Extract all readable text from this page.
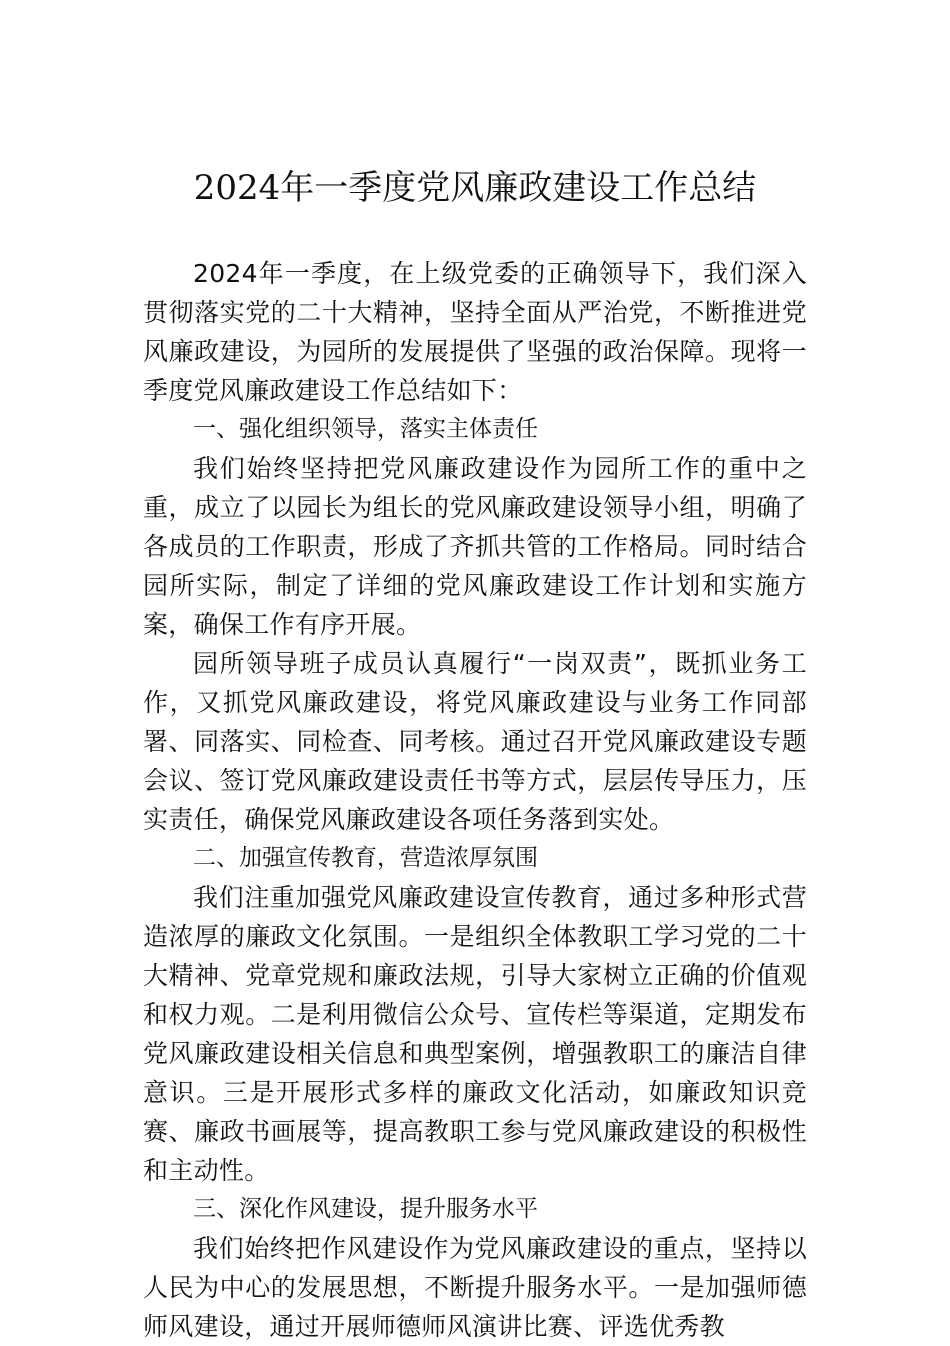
2024年一季度党风廉政建设工作总结

2024年一季度，在上级党委的正确领导下，我们深入贯彻落实党的二十大精神，坚持全面从严治党，不断推进党风廉政建设，为园所的发展提供了坚强的政治保障。现将一季度党风廉政建设工作总结如下：

一、强化组织领导，落实主体责任

我们始终坚持把党风廉政建设作为园所工作的重中之重，成立了以园长为组长的党风廉政建设领导小组，明确了各成员的工作职责，形成了齐抓共管的工作格局。同时结合园所实际，制定了详细的党风廉政建设工作计划和实施方案，确保工作有序开展。

园所领导班子成员认真履行“一岗双责”，既抓业务工作，又抓党风廉政建设，将党风廉政建设与业务工作同部署、同落实、同检查、同考核。通过召开党风廉政建设专题会议、签订党风廉政建设责任书等方式，层层传导压力，压实责任，确保党风廉政建设各项任务落到实处。

二、加强宣传教育，营造浓厚氛围

我们注重加强党风廉政建设宣传教育，通过多种形式营造浓厚的廉政文化氛围。一是组织全体教职工学习党的二十大精神、党章党规和廉政法规，引导大家树立正确的价值观和权力观。二是利用微信公众号、宣传栏等渠道，定期发布党风廉政建设相关信息和典型案例，增强教职工的廉洁自律意识。三是开展形式多样的廉政文化活动，如廉政知识竞赛、廉政书画展等，提高教职工参与党风廉政建设的积极性和主动性。

三、深化作风建设，提升服务水平

我们始终把作风建设作为党风廉政建设的重点，坚持以人民为中心的发展思想，不断提升服务水平。一是加强师德师风建设，通过开展师德师风演讲比赛、评选优秀教
